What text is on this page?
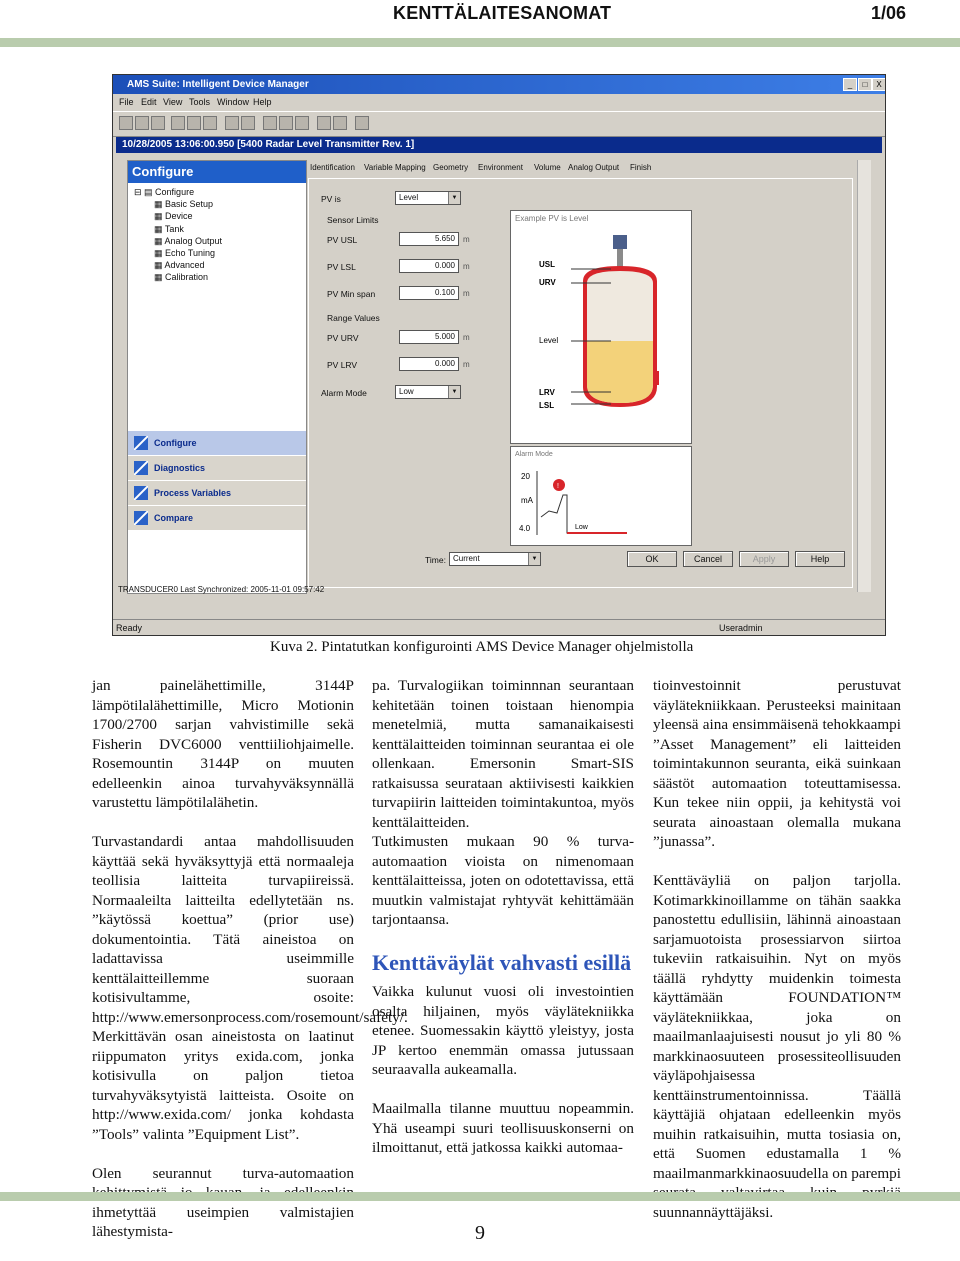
KENTTÄLAITESANOMAT	1/06
AMS Suite: Intelligent Device Manager	_	□	X
File Edit View Tools Window Help
10/28/2005 13:06:00.950 [5400 Radar Level Transmitter Rev. 1]
Configure
⊟ ▤ Configure
▦ Basic Setup
▦ Device
▦ Tank
▦ Analog Output
▦ Echo Tuning
▦ Advanced
▦ Calibration
Configure
Diagnostics
Process Variables
Compare
Identification Variable Mapping Geometry Environment Volume Analog Output Finish
PV is	Level	▼
Sensor Limits
PV USL	5.650	m
PV LSL	0.000	m
PV Min span	0.100	m
Range Values
PV URV	5.000	m
PV LRV	0.000	m
Alarm Mode	Low	▼
Example PV is Level
USL
URV
Level
LRV
LSL
Alarm Mode
20
mA
4.0
!
Low
Time: Current	▼	OK	Cancel	Apply	Help
TRANSDUCER0 Last Synchronized: 2005-11-01 09:57:42
Ready	Useradmin
Kuva 2. Pintatutkan konfigurointi AMS Device Manager ohjelmistolla

jan painelähettimille, 3144P lämpötilalähettimille, Micro Motionin 1700/2700 sarjan vahvistimille sekä Fisherin DVC6000 venttiiliohjaimelle. Rosemountin 3144P on muuten edelleenkin ainoa turvahyväksynnällä varustettu lämpötilalähetin.

Turvastandardi antaa mahdollisuuden käyttää sekä hyväksyttyjä että normaaleja teollisia laitteita turvapiireissä. Normaaleilta laitteilta edellytetään ns. ”käytössä koettua” (prior use) dokumentointia. Tätä aineistoa on ladattavissa useimmille kenttälaitteillemme suoraan kotisivultamme, osoite: http://www.emersonprocess.com/rosemount/safety/. Merkittävän osan aineistosta on laatinut riippumaton yritys exida.com, jonka kotisivulla on paljon tietoa turvahyväksytyistä laitteista. Osoite on http://www.exida.com/ jonka kohdasta ”Tools” valinta ”Equipment List”.

Olen seurannut turva-automaation ihmetyttää useimpien valmistajien lähestymista-

pa. Turvalogiikan toiminnnan seurantaan kehitetään toinen toistaan hienompia menetelmiä, mutta samanaikaisesti kenttälaitteiden toiminnan seurantaa ei ole ollenkaan. Emersonin Smart-SIS ratkaisussa seurataan aktiivisesti kaikkien turvapiirin laitteiden toimintakuntoa, myös kenttälaitteiden.

Tutkimusten mukaan 90 % turva-automaation vioista on nimenomaan kenttälaitteissa, joten on odotettavissa, että muutkin valmistajat ryhtyvät kehittämään tarjontaansa.

Kenttäväylät vahvasti esillä

Vaikka kulunut vuosi oli investointien osalta hiljainen, myös väylätekniikka etenee. Suomessakin käyttö yleistyy, josta JP kertoo enemmän omassa jutussaan seuraavalla aukeamalla.

Maailmalla tilanne muuttuu nopeammin. Yhä useampi suuri teollisuuskonserni on ilmoittanut, että jatkossa kaikki automaa-

tioinvestoinnit perustuvat väylätekniikkaan. Perusteeksi mainitaan yleensä aina ensimmäisenä tehokkaampi ”Asset Management” eli laitteiden toimintakunnon seuranta, eikä suinkaan säästöt automaation toteuttamisessa. Kun tekee niin oppii, ja kehitystä voi seurata ainoastaan olemalla mukana ”junassa”.

Kenttäväyliä on paljon tarjolla. Kotimarkkinoillamme on tähän saakka panostettu edullisiin, lähinnä ainoastaan sarjamuotoista prosessiarvon siirtoa tukeviin ratkaisuihin. Nyt on myös täällä ryhdytty muidenkin toimesta käyttämään FOUNDATION™ väylätekniikkaa, joka on maailmanlaajuisesti nousut jo yli 80 % markkinaosuuteen prosessiteollisuuden väyläpohjaisessa kenttäinstrumentoinnissa. Täällä käyttäjiä ohjataan edelleenkin myös muihin ratkaisuihin, mutta tosiasia on, että Suomen edustamalla 1 % maailmanmarkkinaosuudella on parempi suunnannäyttäjäksi.

9
